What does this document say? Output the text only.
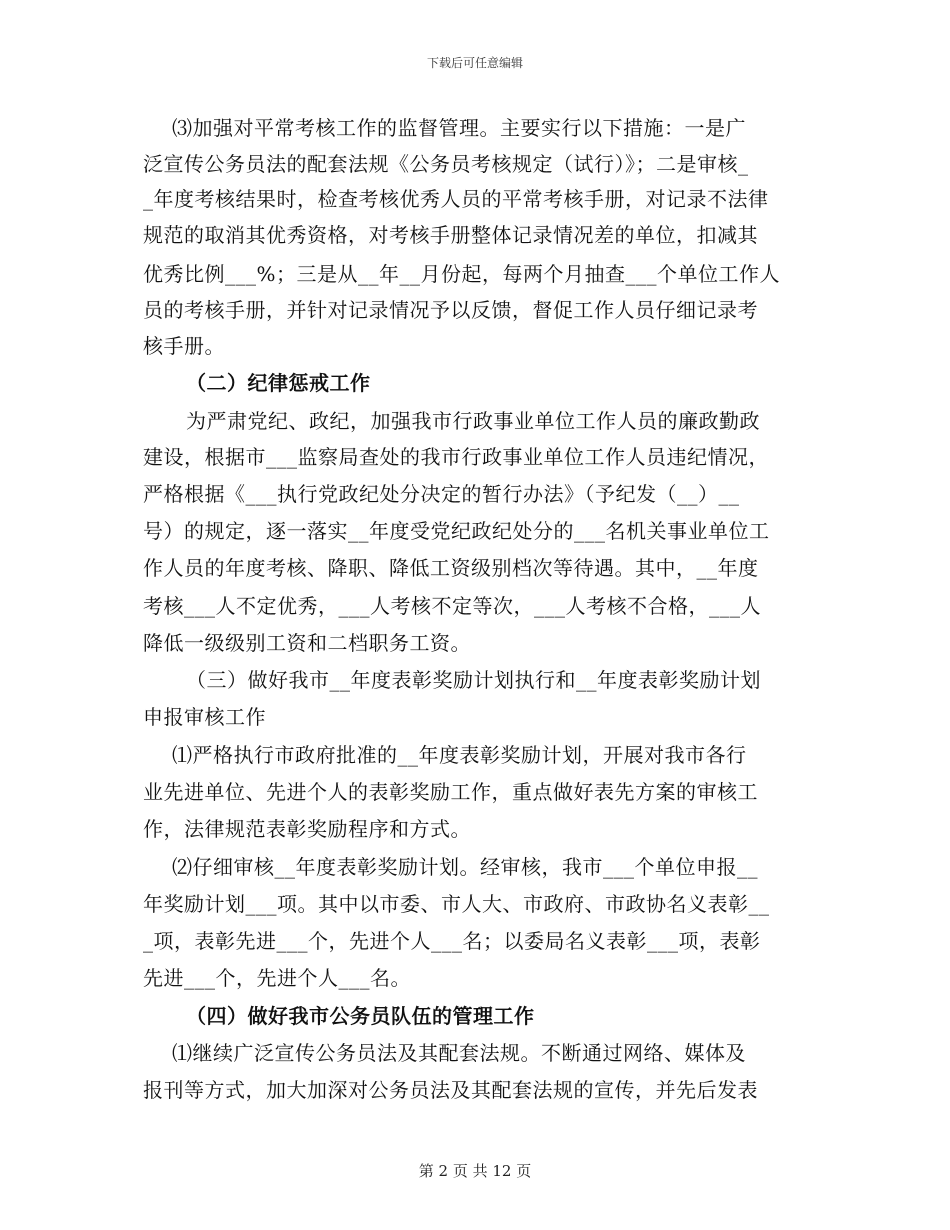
下载后可任意编辑
⑶加强对平常考核工作的监督管理。主要实行以下措施：一是广
泛宣传公务员法的配套法规《公务员考核规定（试行）》；二是审核_
_年度考核结果时，检查考核优秀人员的平常考核手册，对记录不法律
规范的取消其优秀资格，对考核手册整体记录情况差的单位，扣减其
优秀比例___%；三是从__年__月份起，每两个月抽查___个单位工作人
员的考核手册，并针对记录情况予以反馈，督促工作人员仔细记录考
核手册。
（二）纪律惩戒工作
为严肃党纪、政纪，加强我市行政事业单位工作人员的廉政勤政
建设，根据市___监察局查处的我市行政事业单位工作人员违纪情况，
严格根据《___执行党政纪处分决定的暂行办法》（予纪发（__）__
号）的规定，逐一落实__年度受党纪政纪处分的___名机关事业单位工
作人员的年度考核、降职、降低工资级别档次等待遇。其中，__年度
考核___人不定优秀，___人考核不定等次，___人考核不合格，___人
降低一级级别工资和二档职务工资。
（三）做好我市__年度表彰奖励计划执行和__年度表彰奖励计划
申报审核工作
⑴严格执行市政府批准的__年度表彰奖励计划，开展对我市各行
业先进单位、先进个人的表彰奖励工作，重点做好表先方案的审核工
作，法律规范表彰奖励程序和方式。
⑵仔细审核__年度表彰奖励计划。经审核，我市___个单位申报__
年奖励计划___项。其中以市委、市人大、市政府、市政协名义表彰__
_项，表彰先进___个，先进个人___名；以委局名义表彰___项，表彰
先进___个，先进个人___名。
（四）做好我市公务员队伍的管理工作
⑴继续广泛宣传公务员法及其配套法规。不断通过网络、媒体及
报刊等方式，加大加深对公务员法及其配套法规的宣传，并先后发表
第 2 页 共 12 页
